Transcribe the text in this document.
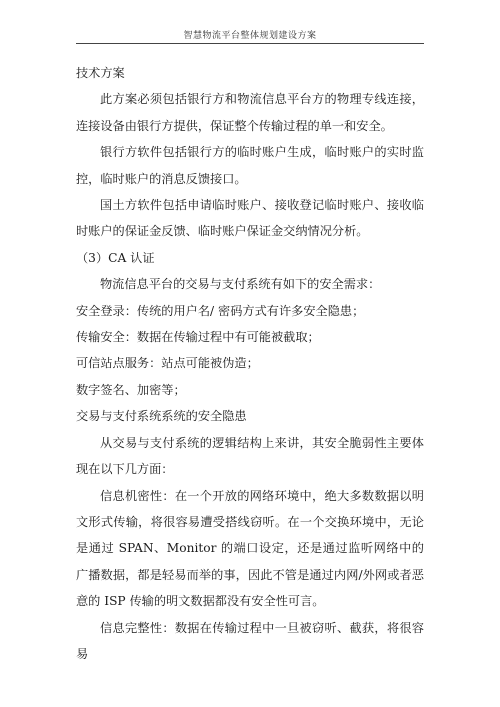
智慧物流平台整体规划建设方案

技术方案

此方案必须包括银行方和物流信息平台方的物理专线连接，连接设备由银行方提供，保证整个传输过程的单一和安全。

银行方软件包括银行方的临时账户生成，临时账户的实时监控，临时账户的消息反馈接口。

国土方软件包括申请临时账户、接收登记临时账户、接收临时账户的保证金反馈、临时账户保证金交纳情况分析。

（3）CA 认证

物流信息平台的交易与支付系统有如下的安全需求：

安全登录：传统的用户名/ 密码方式有许多安全隐患；

传输安全：数据在传输过程中有可能被截取；

可信站点服务：站点可能被伪造；

数字签名、加密等；

交易与支付系统系统的安全隐患

从交易与支付系统的逻辑结构上来讲，其安全脆弱性主要体现在以下几方面：

信息机密性：在一个开放的网络环境中，绝大多数数据以明文形式传输，将很容易遭受搭线窃听。在一个交换环境中，无论是通过 SPAN、Monitor 的端口设定，还是通过监听网络中的广播数据，都是轻易而举的事，因此不管是通过内网/外网或者恶意的 ISP 传输的明文数据都没有安全性可言。

信息完整性：数据在传输过程中一旦被窃听、截获，将很容易
